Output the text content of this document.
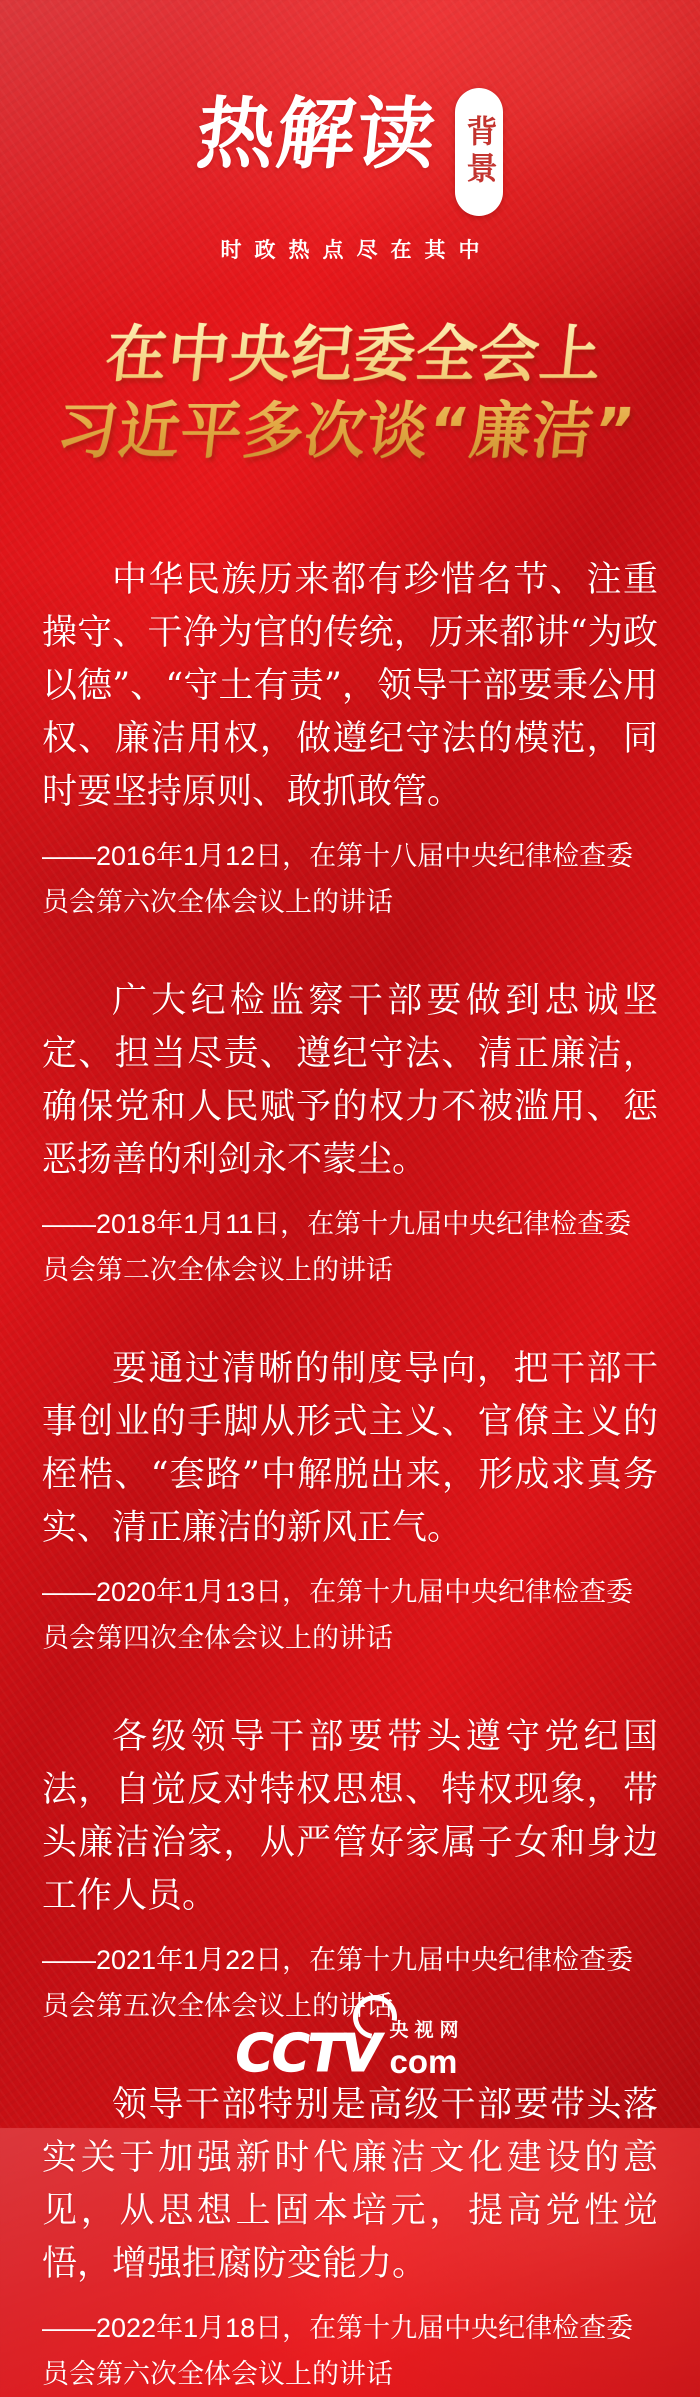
热解读 背景
时政热点尽在其中
在中央纪委全会上
习近平多次谈“廉洁”

中华民族历来都有珍惜名节、注重操守、干净为官的传统，历来都讲“为政以德”、“守土有责”，领导干部要秉公用权、廉洁用权，做遵纪守法的模范，同时要坚持原则、敢抓敢管。

——2016年1月12日，在第十八届中央纪律检查委员会第六次全体会议上的讲话

广大纪检监察干部要做到忠诚坚定、担当尽责、遵纪守法、清正廉洁，确保党和人民赋予的权力不被滥用、惩恶扬善的利剑永不蒙尘。

——2018年1月11日，在第十九届中央纪律检查委员会第二次全体会议上的讲话

要通过清晰的制度导向，把干部干事创业的手脚从形式主义、官僚主义的桎梏、“套路”中解脱出来，形成求真务实、清正廉洁的新风正气。

——2020年1月13日，在第十九届中央纪律检查委员会第四次全体会议上的讲话

各级领导干部要带头遵守党纪国法，自觉反对特权思想、特权现象，带头廉洁治家，从严管好家属子女和身边工作人员。

——2021年1月22日，在第十九届中央纪律检查委员会第五次全体会议上的讲话

领导干部特别是高级干部要带头落实关于加强新时代廉洁文化建设的意见，从思想上固本培元，提高党性觉悟，增强拒腐防变能力。

——2022年1月18日，在第十九届中央纪律检查委员会第六次全体会议上的讲话

CCTV 央视网
com
